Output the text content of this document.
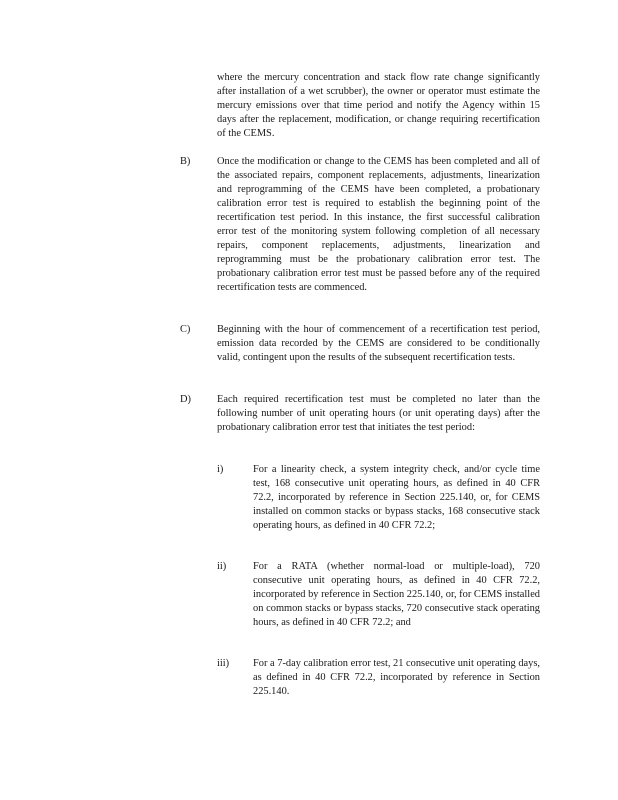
where the mercury concentration and stack flow rate change significantly after installation of a wet scrubber), the owner or operator must estimate the mercury emissions over that time period and notify the Agency within 15 days after the replacement, modification, or change requiring recertification of the CEMS.

B)	Once the modification or change to the CEMS has been completed and all of the associated repairs, component replacements, adjustments, linearization and reprogramming of the CEMS have been completed, a probationary calibration error test is required to establish the beginning point of the recertification test period. In this instance, the first successful calibration error test of the monitoring system following completion of all necessary repairs, component replacements, adjustments, linearization and reprogramming must be the probationary calibration error test. The probationary calibration error test must be passed before any of the required recertification tests are commenced.

C)	Beginning with the hour of commencement of a recertification test period, emission data recorded by the CEMS are considered to be conditionally valid, contingent upon the results of the subsequent recertification tests.

D)	Each required recertification test must be completed no later than the following number of unit operating hours (or unit operating days) after the probationary calibration error test that initiates the test period:

i)	For a linearity check, a system integrity check, and/or cycle time test, 168 consecutive unit operating hours, as defined in 40 CFR 72.2, incorporated by reference in Section 225.140, or, for CEMS installed on common stacks or bypass stacks, 168 consecutive stack operating hours, as defined in 40 CFR 72.2;

ii)	For a RATA (whether normal-load or multiple-load), 720 consecutive unit operating hours, as defined in 40 CFR 72.2, incorporated by reference in Section 225.140, or, for CEMS installed on common stacks or bypass stacks, 720 consecutive stack operating hours, as defined in 40 CFR 72.2; and

iii) For a 7-day calibration error test, 21 consecutive unit operating days, as defined in 40 CFR 72.2, incorporated by reference in Section 225.140.
